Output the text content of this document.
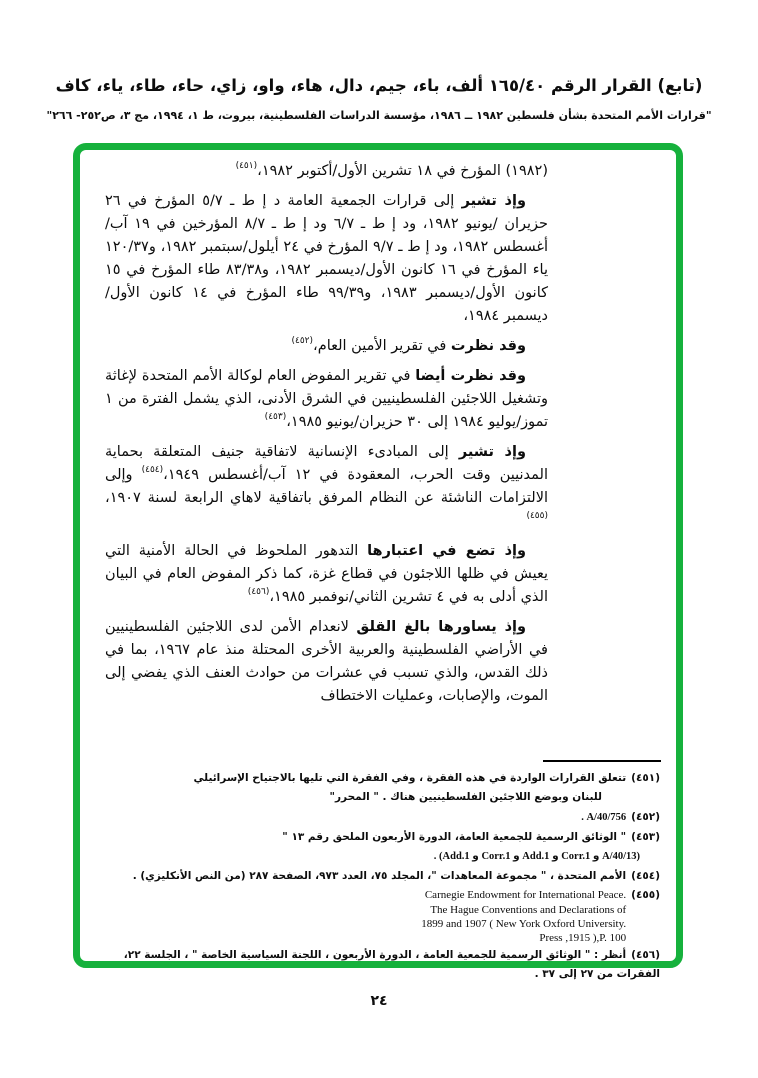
(تابع) القرار الرقم ١٦٥/٤٠ ألف، باء، جيم، دال، هاء، واو، زاي، حاء، طاء، ياء، كاف
"قرارات الأمم المتحدة بشأن فلسطين ١٩٨٢ ــ ١٩٨٦، مؤسسة الدراسات الفلسطينية، بيروت، ط ١، ١٩٩٤، مج ٣، ص٢٥٢- ٢٦٦"

(١٩٨٢) المؤرخ في ١٨ تشرين الأول/أكتوبر ١٩٨٢،$^{(٤٥١)}$

وإذ تشير إلى قرارات الجمعية العامة د إ ط ـ ٥/٧ المؤرخ في ٢٦ حزيران /يونيو ١٩٨٢، ود إ ط ـ ٦/٧ ود إ ط ـ ٨/٧ المؤرخين في ١٩ آب/أغسطس ١٩٨٢، ود إ ط ـ ٩/٧ المؤرخ في ٢٤ أيلول/سبتمبر ١٩٨٢، و١٢٠/٣٧ ياء المؤرخ في ١٦ كانون الأول/ديسمبر ١٩٨٢، و٨٣/٣٨ طاء المؤرخ في ١٥ كانون الأول/ديسمبر ١٩٨٣، و٩٩/٣٩ طاء المؤرخ في ١٤ كانون الأول/ديسمبر ١٩٨٤،

وقد نظرت في تقرير الأمين العام،$^{(٤٥٢)}$

وقد نظرت أيضا في تقرير المفوض العام لوكالة الأمم المتحدة لإغاثة وتشغيل اللاجئين الفلسطينيين في الشرق الأدنى، الذي يشمل الفترة من ١ تموز/يوليو ١٩٨٤ إلى ٣٠ حزيران/يونيو ١٩٨٥،$^{(٤٥٣)}$

وإذ تشير إلى المبادىء الإنسانية لاتفاقية جنيف المتعلقة بحماية المدنيين وقت الحرب، المعقودة في ١٢ آب/أغسطس ١٩٤٩،$^{(٤٥٤)}$ وإلى الالتزامات الناشئة عن النظام المرفق باتفاقية لاهاي الرابعة لسنة ١٩٠٧،$^{(٤٥٥)}$

وإذ تضع في اعتبارها التدهور الملحوظ في الحالة الأمنية التي يعيش في ظلها اللاجئون في قطاع غزة، كما ذكر المفوض العام في البيان الذي أدلى به في ٤ تشرين الثاني/نوفمبر ١٩٨٥،$^{(٤٥٦)}$

وإذ يساورها بالغ القلق لانعدام الأمن لدى اللاجئين الفلسطينيين في الأراضي الفلسطينية والعربية الأخرى المحتلة منذ عام ١٩٦٧، بما في ذلك القدس، والذي تسبب في عشرات من حوادث العنف الذي يفضي إلى الموت، والإصابات، وعمليات الاختطاف

(٤٥١)تتعلق القرارات الواردة في هذه الفقرة ، وفي الفقرة التي تليها بالاجتياح الإسرائيلي
للبنان وبوضع اللاجئين الفلسطينيين هناك . " المحرر"
(٤٥٢)A/40/756 .
(٤٥٣)" الوثائق الرسمية للجمعية العامة، الدورة الأربعون الملحق رقم ١٣ "
(A/40/13 و Corr.1 و Add.1 و Corr.1 و Add.1) .
(٤٥٤)الأمم المتحدة ، " مجموعة المعاهدات "، المجلد ٧٥، العدد ٩٧٣، الصفحة ٢٨٧ (من النص الأنكليزي) .
(٤٥٥)
Carnegie Endowment for International Peace.
The Hague Conventions and Declarations of
1899 and 1907 ( New York Oxford University.
Press ,1915 ),P. 100
(٤٥٦)أنظر : " الوثائق الرسمية للجمعية العامة ، الدورة الأربعون ، اللجنة السياسية الخاصة " ، الجلسة ٢٢، الفقرات من ٢٧ إلى ٣٧ .
٢٤
